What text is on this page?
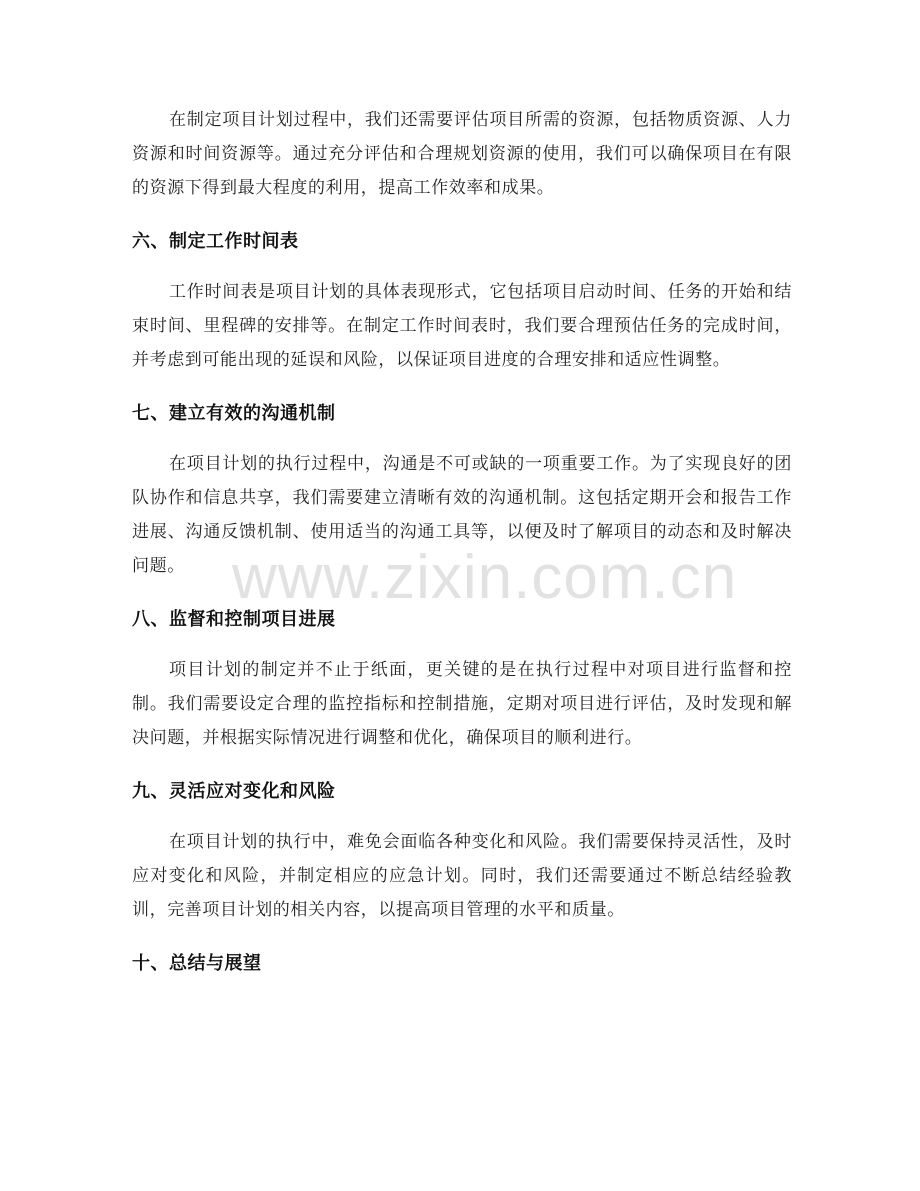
在制定项目计划过程中，我们还需要评估项目所需的资源，包括物质资源、人力资源和时间资源等。通过充分评估和合理规划资源的使用，我们可以确保项目在有限的资源下得到最大程度的利用，提高工作效率和成果。

六、制定工作时间表

工作时间表是项目计划的具体表现形式，它包括项目启动时间、任务的开始和结束时间、里程碑的安排等。在制定工作时间表时，我们要合理预估任务的完成时间，并考虑到可能出现的延误和风险，以保证项目进度的合理安排和适应性调整。

七、建立有效的沟通机制

在项目计划的执行过程中，沟通是不可或缺的一项重要工作。为了实现良好的团队协作和信息共享，我们需要建立清晰有效的沟通机制。这包括定期开会和报告工作进展、沟通反馈机制、使用适当的沟通工具等，以便及时了解项目的动态和及时解决问题。

八、监督和控制项目进展

项目计划的制定并不止于纸面，更关键的是在执行过程中对项目进行监督和控制。我们需要设定合理的监控指标和控制措施，定期对项目进行评估，及时发现和解决问题，并根据实际情况进行调整和优化，确保项目的顺利进行。

九、灵活应对变化和风险

在项目计划的执行中，难免会面临各种变化和风险。我们需要保持灵活性，及时应对变化和风险，并制定相应的应急计划。同时，我们还需要通过不断总结经验教训，完善项目计划的相关内容，以提高项目管理的水平和质量。

十、总结与展望
www.zixin.com.cn
